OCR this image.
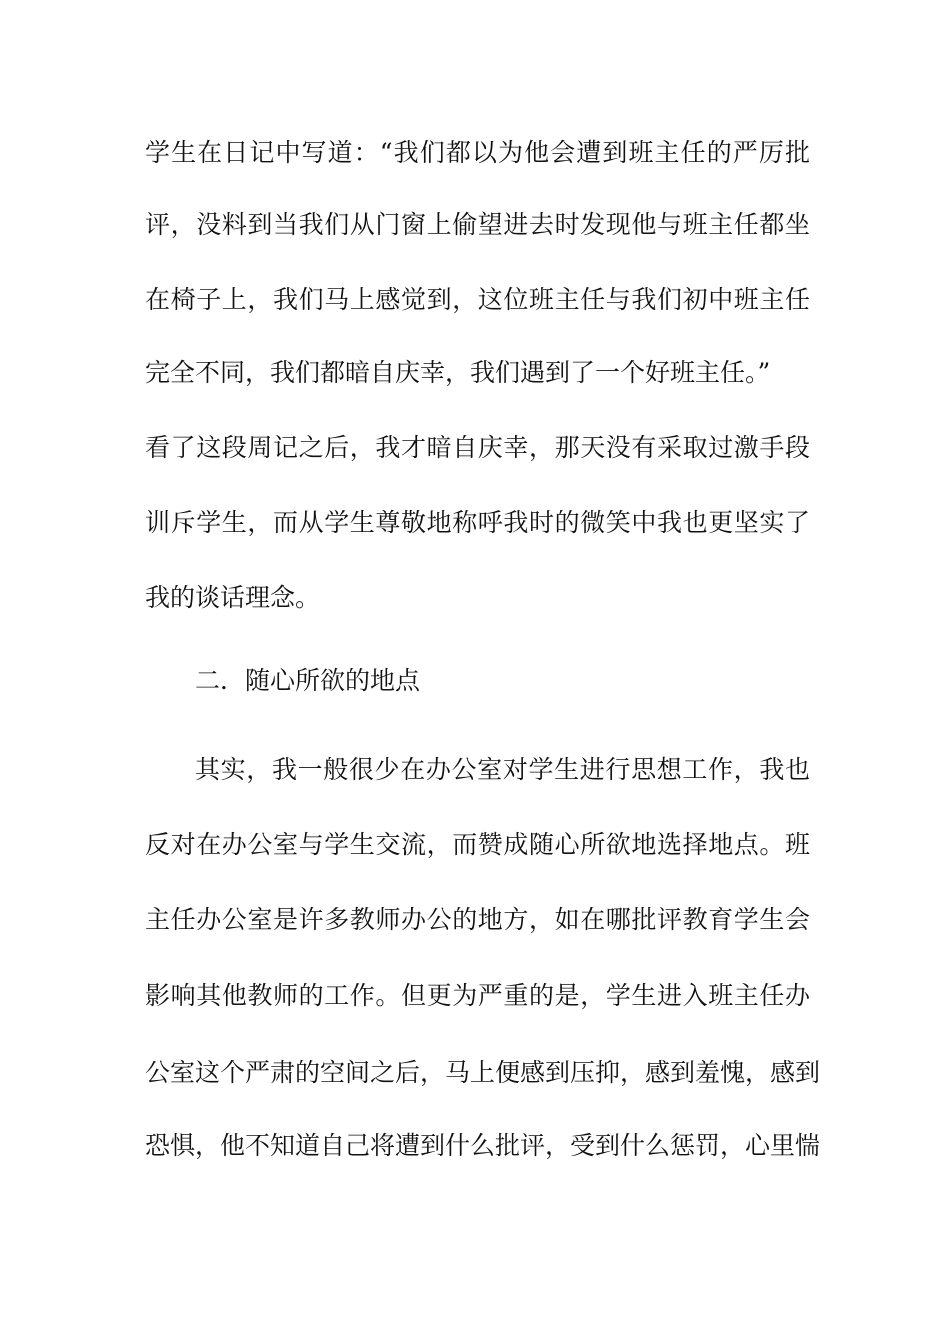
学生在日记中写道：“我们都以为他会遭到班主任的严厉批
评，没料到当我们从门窗上偷望进去时发现他与班主任都坐
在椅子上，我们马上感觉到，这位班主任与我们初中班主任
完全不同，我们都暗自庆幸，我们遇到了一个好班主任。”
看了这段周记之后，我才暗自庆幸，那天没有采取过激手段
训斥学生，而从学生尊敬地称呼我时的微笑中我也更坚实了
我的谈话理念。
二．随心所欲的地点
其实，我一般很少在办公室对学生进行思想工作，我也
反对在办公室与学生交流，而赞成随心所欲地选择地点。班
主任办公室是许多教师办公的地方，如在哪批评教育学生会
影响其他教师的工作。但更为严重的是，学生进入班主任办
公室这个严肃的空间之后，马上便感到压抑，感到羞愧，感到
恐惧，他不知道自己将遭到什么批评，受到什么惩罚，心里惴
